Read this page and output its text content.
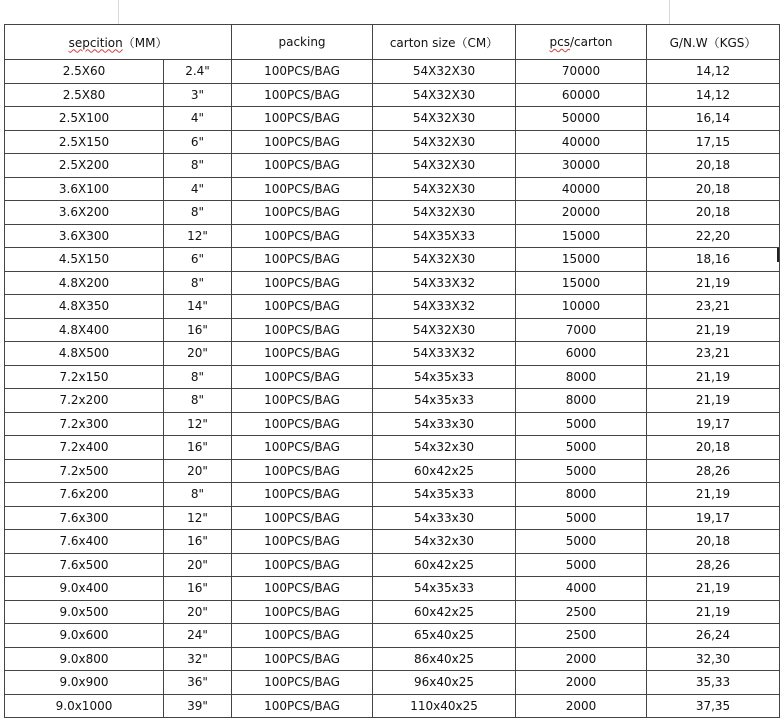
sepcition（MM）		packing	carton size（CM）	pcs/carton	G/N.W（KGS）
2.5X60	2.4"	100PCS/BAG	54X32X30	70000	14,12
2.5X80	3"	100PCS/BAG	54X32X30	60000	14,12
2.5X100	4"	100PCS/BAG	54X32X30	50000	16,14
2.5X150	6"	100PCS/BAG	54X32X30	40000	17,15
2.5X200	8"	100PCS/BAG	54X32X30	30000	20,18
3.6X100	4"	100PCS/BAG	54X32X30	40000	20,18
3.6X200	8"	100PCS/BAG	54X32X30	20000	20,18
3.6X300	12"	100PCS/BAG	54X35X33	15000	22,20
4.5X150	6"	100PCS/BAG	54X32X30	15000	18,16
4.8X200	8"	100PCS/BAG	54X33X32	15000	21,19
4.8X350	14"	100PCS/BAG	54X33X32	10000	23,21
4.8X400	16"	100PCS/BAG	54X32X30	7000	21,19
4.8X500	20"	100PCS/BAG	54X33X32	6000	23,21
7.2x150	8"	100PCS/BAG	54x35x33	8000	21,19
7.2x200	8"	100PCS/BAG	54x35x33	8000	21,19
7.2x300	12"	100PCS/BAG	54x33x30	5000	19,17
7.2x400	16"	100PCS/BAG	54x32x30	5000	20,18
7.2x500	20"	100PCS/BAG	60x42x25	5000	28,26
7.6x200	8"	100PCS/BAG	54x35x33	8000	21,19
7.6x300	12"	100PCS/BAG	54x33x30	5000	19,17
7.6x400	16"	100PCS/BAG	54x32x30	5000	20,18
7.6x500	20"	100PCS/BAG	60x42x25	5000	28,26
9.0x400	16"	100PCS/BAG	54x35x33	4000	21,19
9.0x500	20"	100PCS/BAG	60x42x25	2500	21,19
9.0x600	24"	100PCS/BAG	65x40x25	2500	26,24
9.0x800	32"	100PCS/BAG	86x40x25	2000	32,30
9.0x900	36"	100PCS/BAG	96x40x25	2000	35,33
9.0x1000	39"	100PCS/BAG	110x40x25	2000	37,35
